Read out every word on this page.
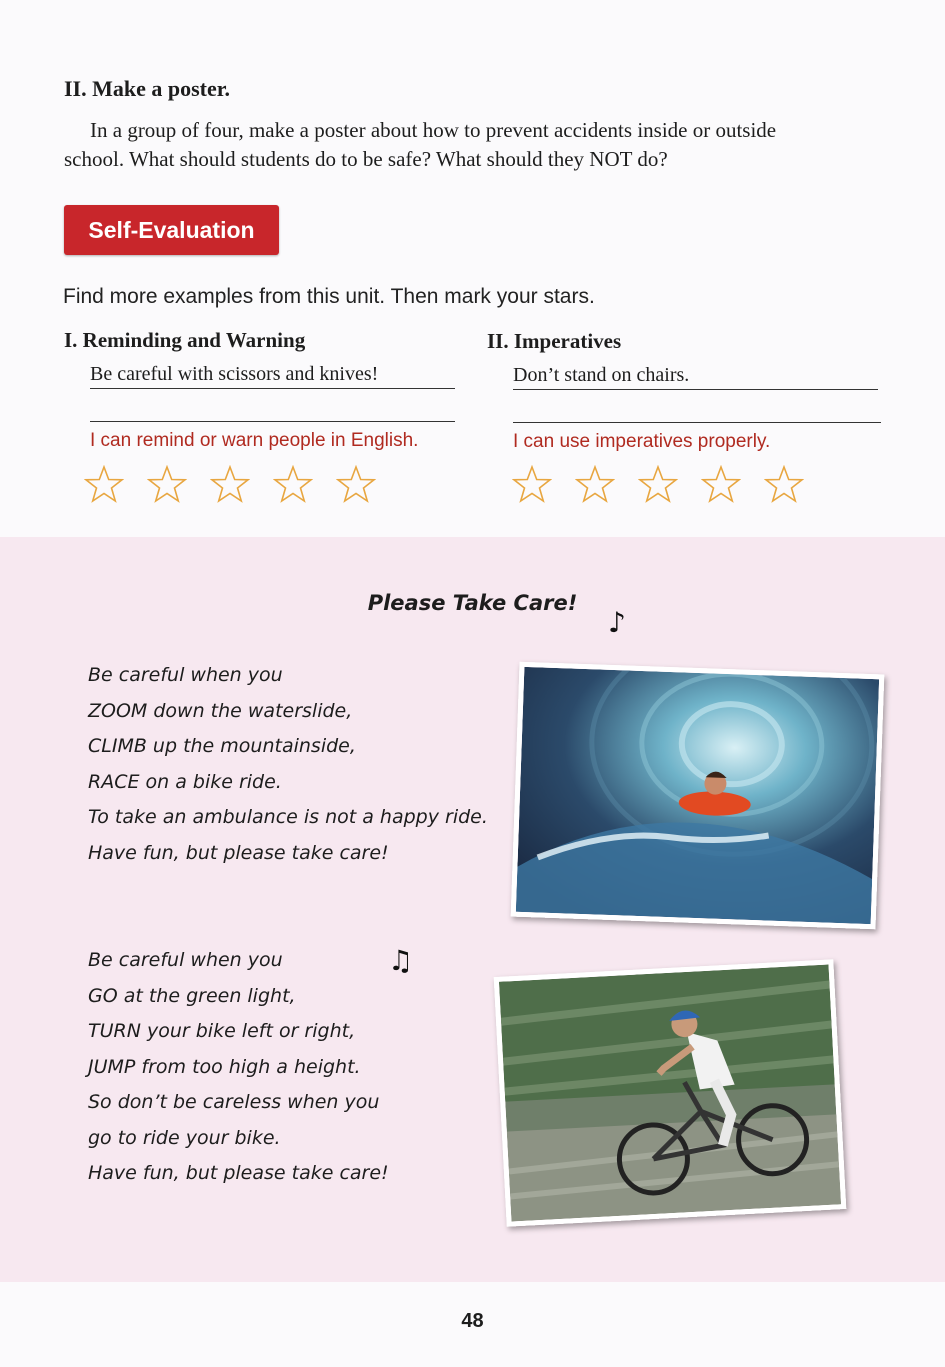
II. Make a poster.
In a group of four, make a poster about how to prevent accidents inside or outside
school. What should students do to be safe? What should they NOT do?
Self-Evaluation
Find more examples from this unit. Then mark your stars.
I. Reminding and Warning
Be careful with scissors and knives!
I can remind or warn people in English.
II. Imperatives
Don’t stand on chairs.
I can use imperatives properly.
Please Take Care!
♪
Be careful when you
ZOOM down the waterslide,
CLIMB up the mountainside,
RACE on a bike ride.
To take an ambulance is not a happy ride.
Have fun, but please take care!
♫
Be careful when you
GO at the green light,
TURN your bike left or right,
JUMP from too high a height.
So don’t be careless when you
go to ride your bike.
Have fun, but please take care!
48
